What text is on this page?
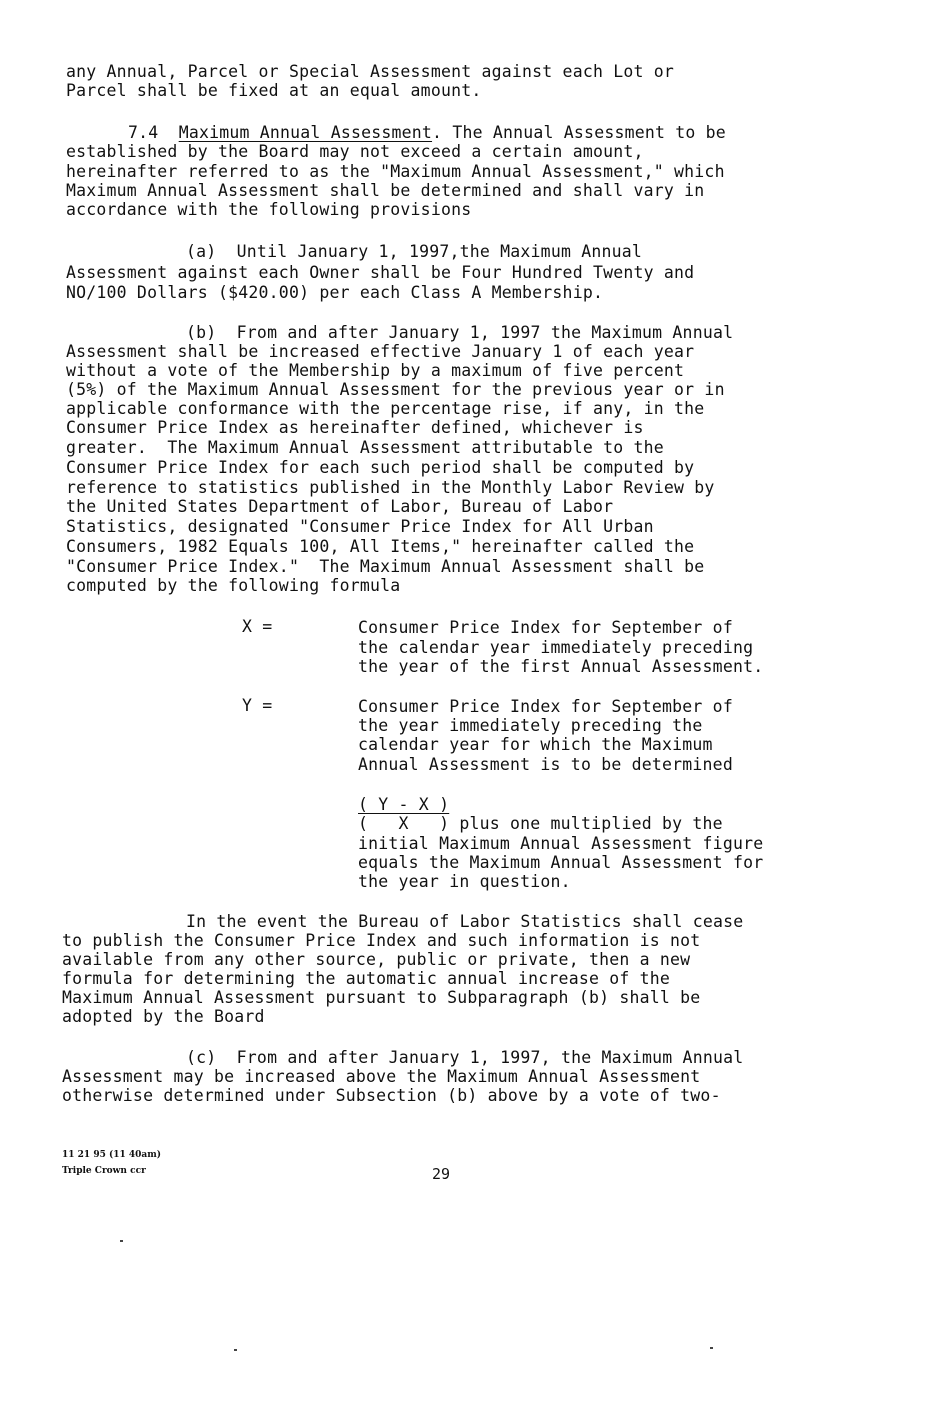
any Annual, Parcel or Special Assessment against each Lot or
Parcel shall be fixed at an equal amount.
7.4 Maximum Annual Assessment. The Annual Assessment to be
established by the Board may not exceed a certain amount,
hereinafter referred to as the "Maximum Annual Assessment," which
Maximum Annual Assessment shall be determined and shall vary in
accordance with the following provisions
(a)  Until January 1, 1997,the Maximum Annual
Assessment against each Owner shall be Four Hundred Twenty and
NO/100 Dollars ($420.00) per each Class A Membership.
(b)  From and after January 1, 1997 the Maximum Annual
Assessment shall be increased effective January 1 of each year
without a vote of the Membership by a maximum of five percent
(5%) of the Maximum Annual Assessment for the previous year or in
applicable conformance with the percentage rise, if any, in the
Consumer Price Index as hereinafter defined, whichever is
greater.  The Maximum Annual Assessment attributable to the
Consumer Price Index for each such period shall be computed by
reference to statistics published in the Monthly Labor Review by
the United States Department of Labor, Bureau of Labor
Statistics, designated "Consumer Price Index for All Urban
Consumers, 1982 Equals 100, All Items," hereinafter called the
"Consumer Price Index."  The Maximum Annual Assessment shall be
computed by the following formula
X =	Consumer Price Index for September of
the calendar year immediately preceding
the year of the first Annual Assessment.
Y =	Consumer Price Index for September of
the year immediately preceding the
calendar year for which the Maximum
Annual Assessment is to be determined
( Y - X )
(   X   ) plus one multiplied by the
initial Maximum Annual Assessment figure
equals the Maximum Annual Assessment for
the year in question.
In the event the Bureau of Labor Statistics shall cease
to publish the Consumer Price Index and such information is not
available from any other source, public or private, then a new
formula for determining the automatic annual increase of the
Maximum Annual Assessment pursuant to Subparagraph (b) shall be
adopted by the Board
(c)  From and after January 1, 1997, the Maximum Annual
Assessment may be increased above the Maximum Annual Assessment
otherwise determined under Subsection (b) above by a vote of two-
11 21 95 (11 40am)
Triple Crown ccr	29
